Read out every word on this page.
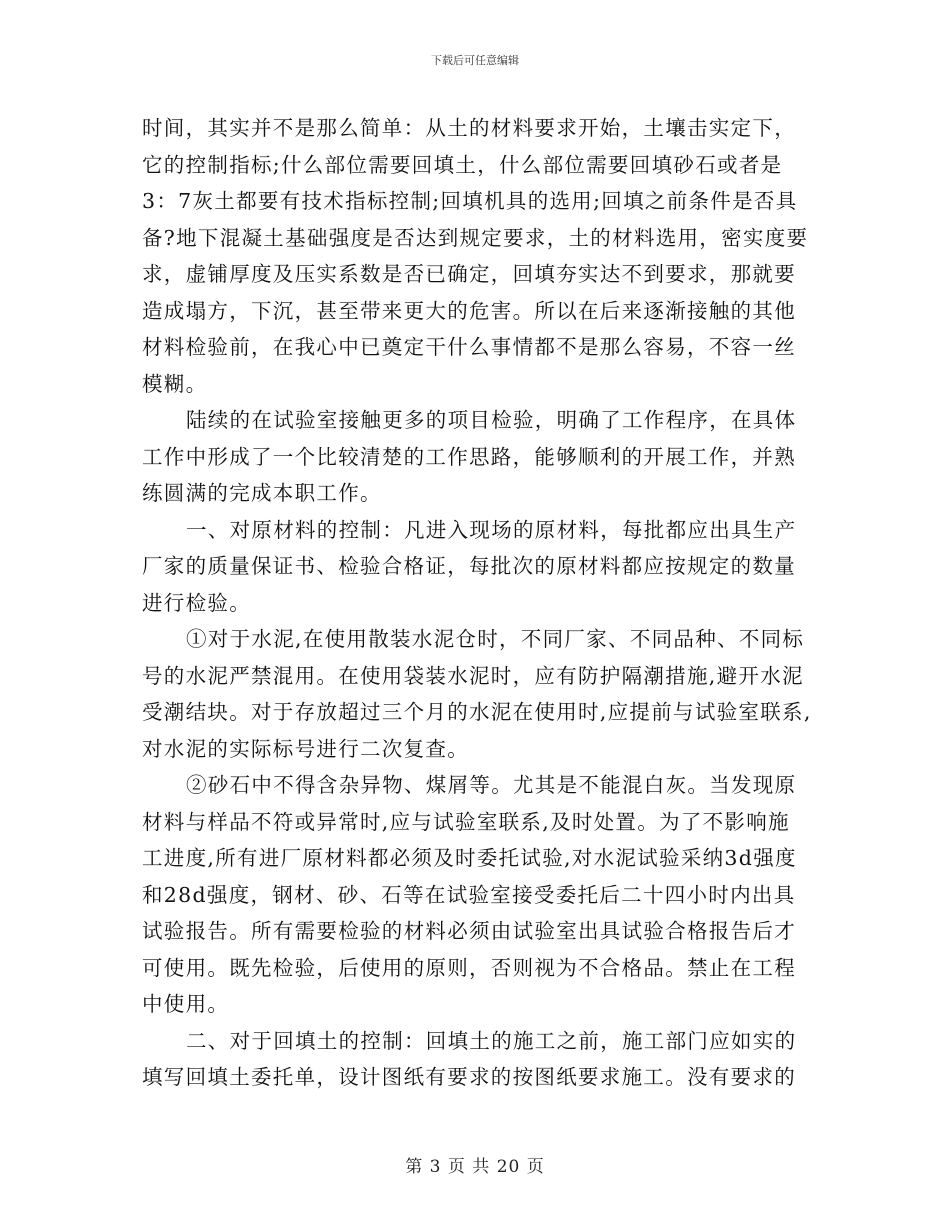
下载后可任意编辑
时间，其实并不是那么简单：从土的材料要求开始，土壤击实定下，
它的控制指标;什么部位需要回填土，什么部位需要回填砂石或者是
3：7灰土都要有技术指标控制;回填机具的选用;回填之前条件是否具
备?地下混凝土基础强度是否达到规定要求，土的材料选用，密实度要
求，虚铺厚度及压实系数是否已确定，回填夯实达不到要求，那就要
造成塌方，下沉，甚至带来更大的危害。所以在后来逐渐接触的其他
材料检验前，在我心中已奠定干什么事情都不是那么容易，不容一丝
模糊。
陆续的在试验室接触更多的项目检验，明确了工作程序，在具体
工作中形成了一个比较清楚的工作思路，能够顺利的开展工作，并熟
练圆满的完成本职工作。
一、对原材料的控制：凡进入现场的原材料，每批都应出具生产
厂家的质量保证书、检验合格证，每批次的原材料都应按规定的数量
进行检验。
①对于水泥,在使用散装水泥仓时，不同厂家、不同品种、不同标
号的水泥严禁混用。在使用袋装水泥时，应有防护隔潮措施,避开水泥
受潮结块。对于存放超过三个月的水泥在使用时,应提前与试验室联系,
对水泥的实际标号进行二次复查。
②砂石中不得含杂异物、煤屑等。尤其是不能混白灰。当发现原
材料与样品不符或异常时,应与试验室联系,及时处置。为了不影响施
工进度,所有进厂原材料都必须及时委托试验,对水泥试验采纳3d强度
和28d强度，钢材、砂、石等在试验室接受委托后二十四小时内出具
试验报告。所有需要检验的材料必须由试验室出具试验合格报告后才
可使用。既先检验，后使用的原则，否则视为不合格品。禁止在工程
中使用。
二、对于回填土的控制：回填土的施工之前，施工部门应如实的
填写回填土委托单，设计图纸有要求的按图纸要求施工。没有要求的
第 3 页 共 20 页
